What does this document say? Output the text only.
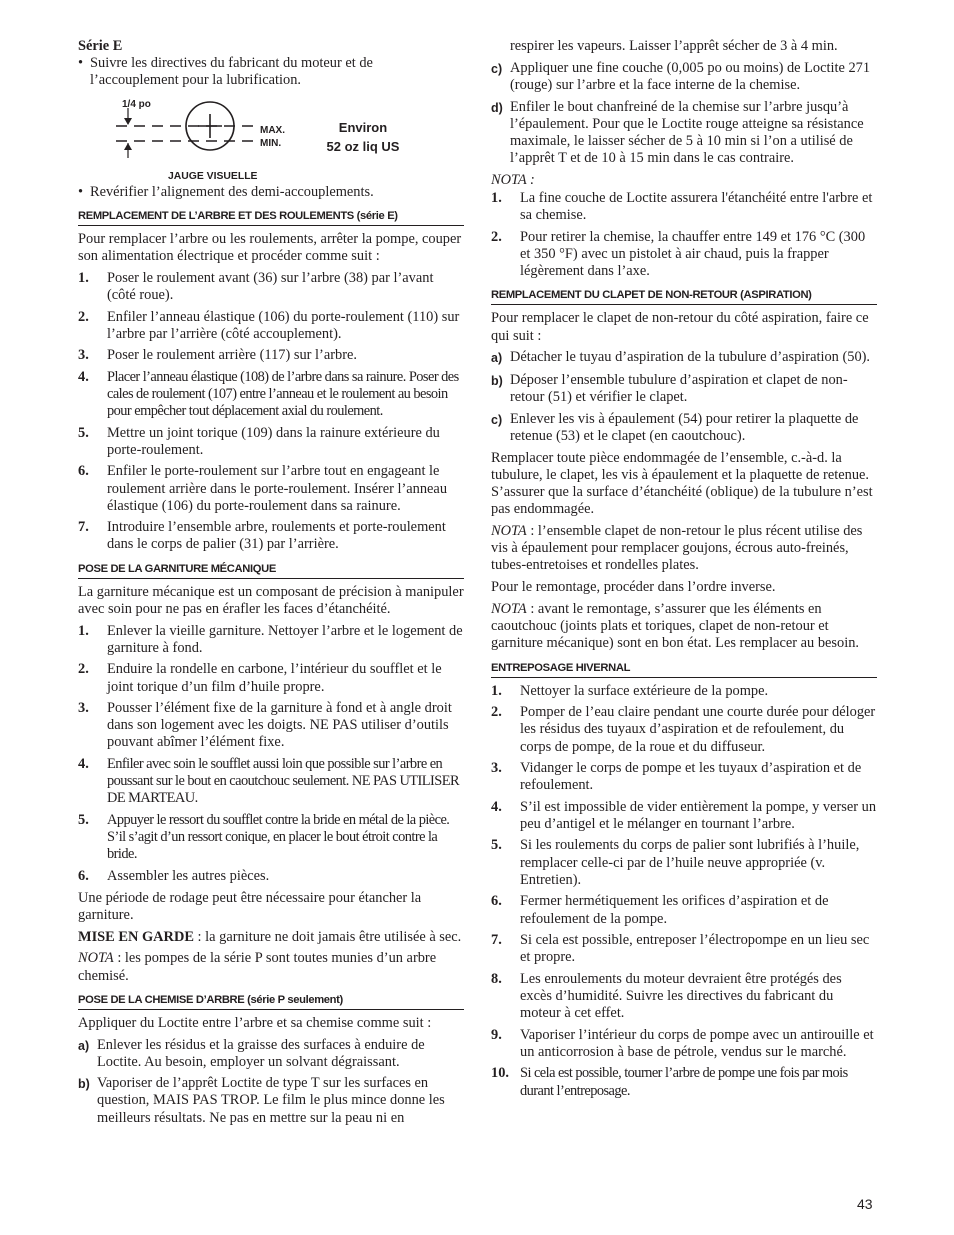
Série E

• Suivre les directives du fabricant du moteur et de l’accouplement pour la lubrification.
1/4 po
MAX.
MIN.
Environ
52 oz liq US
JAUGE VISUELLE
• Revérifier l’alignement des demi-accouplements.
REMPLACEMENT DE L’ARBRE ET DES ROULEMENTS (série E)

Pour remplacer l’arbre ou les roulements, arrêter la pompe, couper son alimentation électrique et procéder comme suit :

1.	Poser le roulement avant (36) sur l’arbre (38) par l’avant (côté roue).
2.	Enfiler l’anneau élastique (106) du porte-roulement (110) sur l’arbre par l’arrière (côté accouplement).
3.	Poser le roulement arrière (117) sur l’arbre.
4.	Placer l’anneau élastique (108) de l’arbre dans sa rainure. Poser des cales de roulement (107) entre l’anneau et le roulement au besoin pour empêcher tout déplacement axial du roulement.
5.	Mettre un joint torique (109) dans la rainure extérieure du porte-roulement.
6.	Enfiler le porte-roulement sur l’arbre tout en engageant le roulement arrière dans le porte-roulement. Insérer l’anneau élastique (106) du porte-roulement dans sa rainure.
7.	Introduire l’ensemble arbre, roulements et porte-roulement dans le corps de palier (31) par l’arrière.
POSE DE LA GARNITURE MÉCANIQUE

La garniture mécanique est un composant de précision à manipuler avec soin pour ne pas en érafler les faces d’étanchéité.

1.	Enlever la vieille garniture. Nettoyer l’arbre et le logement de garniture à fond.
2.	Enduire la rondelle en carbone, l’intérieur du soufflet et le joint torique d’un film d’huile propre.
3.	Pousser l’élément fixe de la garniture à fond et à angle droit dans son logement avec les doigts. NE PAS utiliser d’outils pouvant abîmer l’élément fixe.
4.	Enfiler avec soin le soufflet aussi loin que possible sur l’arbre en poussant sur le bout en caoutchouc seulement. NE PAS UTILISER DE MARTEAU.
5.	Appuyer le ressort du soufflet contre la bride en métal de la pièce. S’il s’agit d’un ressort conique, en placer le bout étroit contre la bride.
6.	Assembler les autres pièces.

Une période de rodage peut être nécessaire pour étancher la garniture.

MISE EN GARDE : la garniture ne doit jamais être utilisée à sec.

NOTA : les pompes de la série P sont toutes munies d’un arbre chemisé.

POSE DE LA CHEMISE D’ARBRE (série P seulement)

Appliquer du Loctite entre l’arbre et sa chemise comme suit :

a) Enlever les résidus et la graisse des surfaces à enduire de Loctite. Au besoin, employer un solvant dégraissant.
b) Vaporiser de l’apprêt Loctite de type T sur les surfaces en question, MAIS PAS TROP. Le film le plus mince donne les meilleurs résultats. Ne pas en mettre sur la peau ni en

respirer les vapeurs. Laisser l’apprêt sécher de 3 à 4 min.

c) Appliquer une fine couche (0,005 po ou moins) de Loctite 271 (rouge) sur l’arbre et la face interne de la chemise.
d) Enfiler le bout chanfreiné de la chemise sur l’arbre jusqu’à l’épaulement. Pour que le Loctite rouge atteigne sa résistance maximale, le laisser sécher de 5 à 10 min si l’on a utilisé de l’apprêt T et de 10 à 15 min dans le cas contraire.

NOTA :

1.	La fine couche de Loctite assurera l'étanchéité entre l'arbre et sa chemise.
2.	Pour retirer la chemise, la chauffer entre 149 et 176 °C (300 et 350 °F) avec un pistolet à air chaud, puis la frapper légèrement dans l’axe.
REMPLACEMENT DU CLAPET DE NON-RETOUR (ASPIRATION)

Pour remplacer le clapet de non-retour du côté aspiration, faire ce qui suit :

a) Détacher le tuyau d’aspiration de la tubulure d’aspiration (50).
b) Déposer l’ensemble tubulure d’aspiration et clapet de non-retour (51) et vérifier le clapet.
c) Enlever les vis à épaulement (54) pour retirer la plaquette de retenue (53) et le clapet (en caoutchouc).

Remplacer toute pièce endommagée de l’ensemble, c.-à-d. la tubulure, le clapet, les vis à épaulement et la plaquette de retenue. S’assurer que la surface d’étanchéité (oblique) de la tubulure n’est pas endommagée.

NOTA : l’ensemble clapet de non-retour le plus récent utilise des vis à épaulement pour remplacer goujons, écrous auto-freinés, tubes-entretoises et rondelles plates.

Pour le remontage, procéder dans l’ordre inverse.

NOTA : avant le remontage, s’assurer que les éléments en caoutchouc (joints plats et toriques, clapet de non-retour et garniture mécanique) sont en bon état. Les remplacer au besoin.

ENTREPOSAGE HIVERNAL
1.	Nettoyer la surface extérieure de la pompe.
2.	Pomper de l’eau claire pendant une courte durée pour déloger les résidus des tuyaux d’aspiration et de refoulement, du corps de pompe, de la roue et du diffuseur.
3.	Vidanger le corps de pompe et les tuyaux d’aspiration et de refoulement.
4.	S’il est impossible de vider entièrement la pompe, y verser un peu d’antigel et le mélanger en tournant l’arbre.
5.	Si les roulements du corps de palier sont lubrifiés à l’huile, remplacer celle-ci par de l’huile neuve appropriée (v. Entretien).
6.	Fermer hermétiquement les orifices d’aspiration et de refoulement de la pompe.
7.	Si cela est possible, entreposer l’électropompe en un lieu sec et propre.
8.	Les enroulements du moteur devraient être protégés des excès d’humidité. Suivre les directives du fabricant du moteur à cet effet.
9.	Vaporiser l’intérieur du corps de pompe avec un antirouille et un anticorrosion à base de pétrole, vendus sur le marché.
10. Si cela est possible, tourner l’arbre de pompe une fois par mois durant l’entreposage.
43
